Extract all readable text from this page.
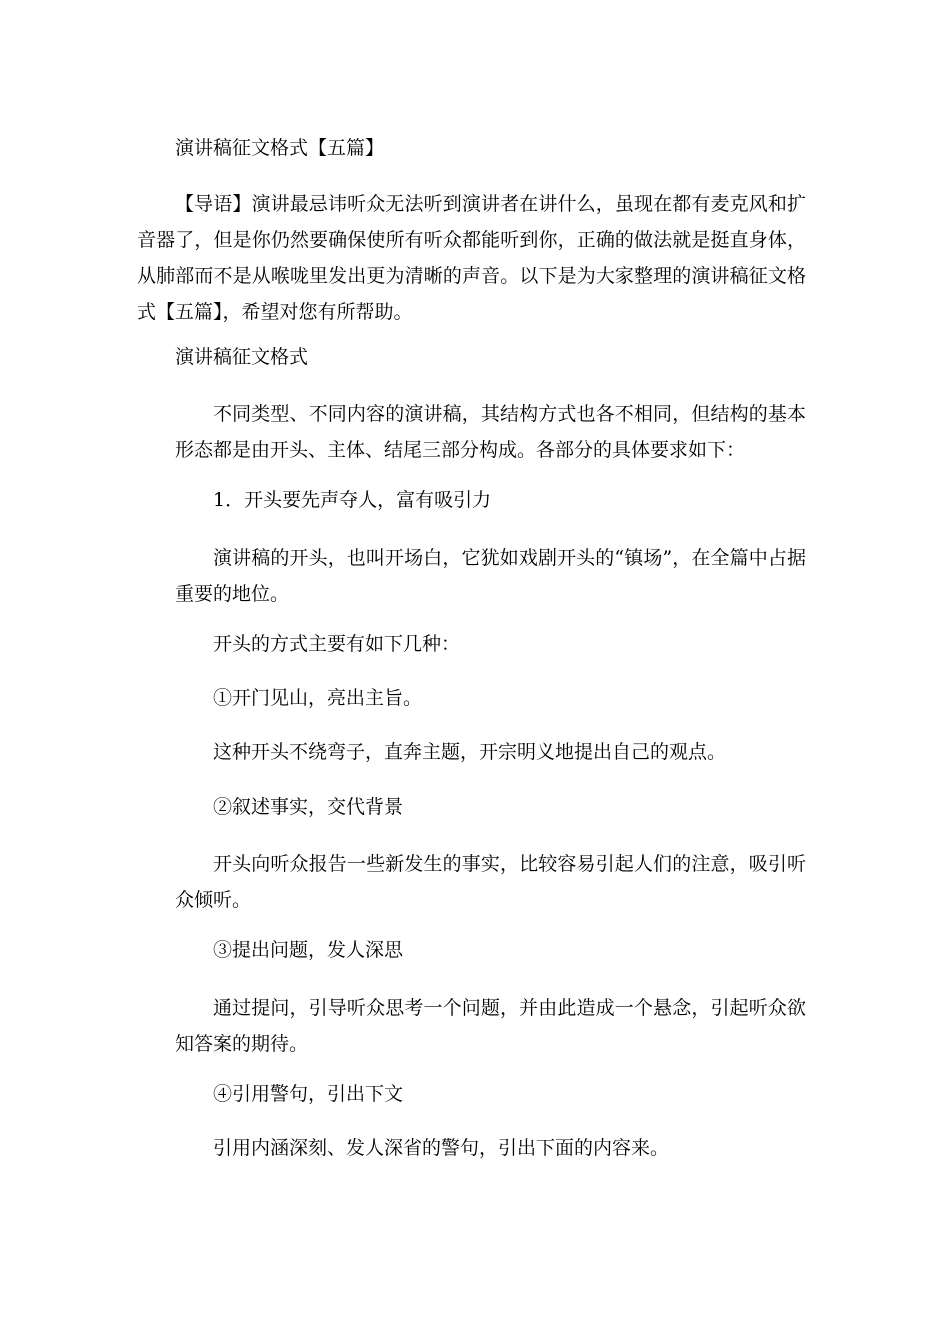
演讲稿征文格式【五篇】

【导语】演讲最忌讳听众无法听到演讲者在讲什么，虽现在都有麦克风和扩音器了，但是你仍然要确保使所有听众都能听到你，正确的做法就是挺直身体，从肺部而不是从喉咙里发出更为清晰的声音。以下是为大家整理的演讲稿征文格式【五篇】，希望对您有所帮助。

演讲稿征文格式

不同类型、不同内容的演讲稿，其结构方式也各不相同，但结构的基本形态都是由开头、主体、结尾三部分构成。各部分的具体要求如下：

1．开头要先声夺人，富有吸引力

演讲稿的开头，也叫开场白，它犹如戏剧开头的“镇场”，在全篇中占据重要的地位。

开头的方式主要有如下几种：

①开门见山，亮出主旨。

这种开头不绕弯子，直奔主题，开宗明义地提出自己的观点。

②叙述事实，交代背景

开头向听众报告一些新发生的事实，比较容易引起人们的注意，吸引听众倾听。

③提出问题，发人深思

通过提问，引导听众思考一个问题，并由此造成一个悬念，引起听众欲知答案的期待。

④引用警句，引出下文

引用内涵深刻、发人深省的警句，引出下面的内容来。
